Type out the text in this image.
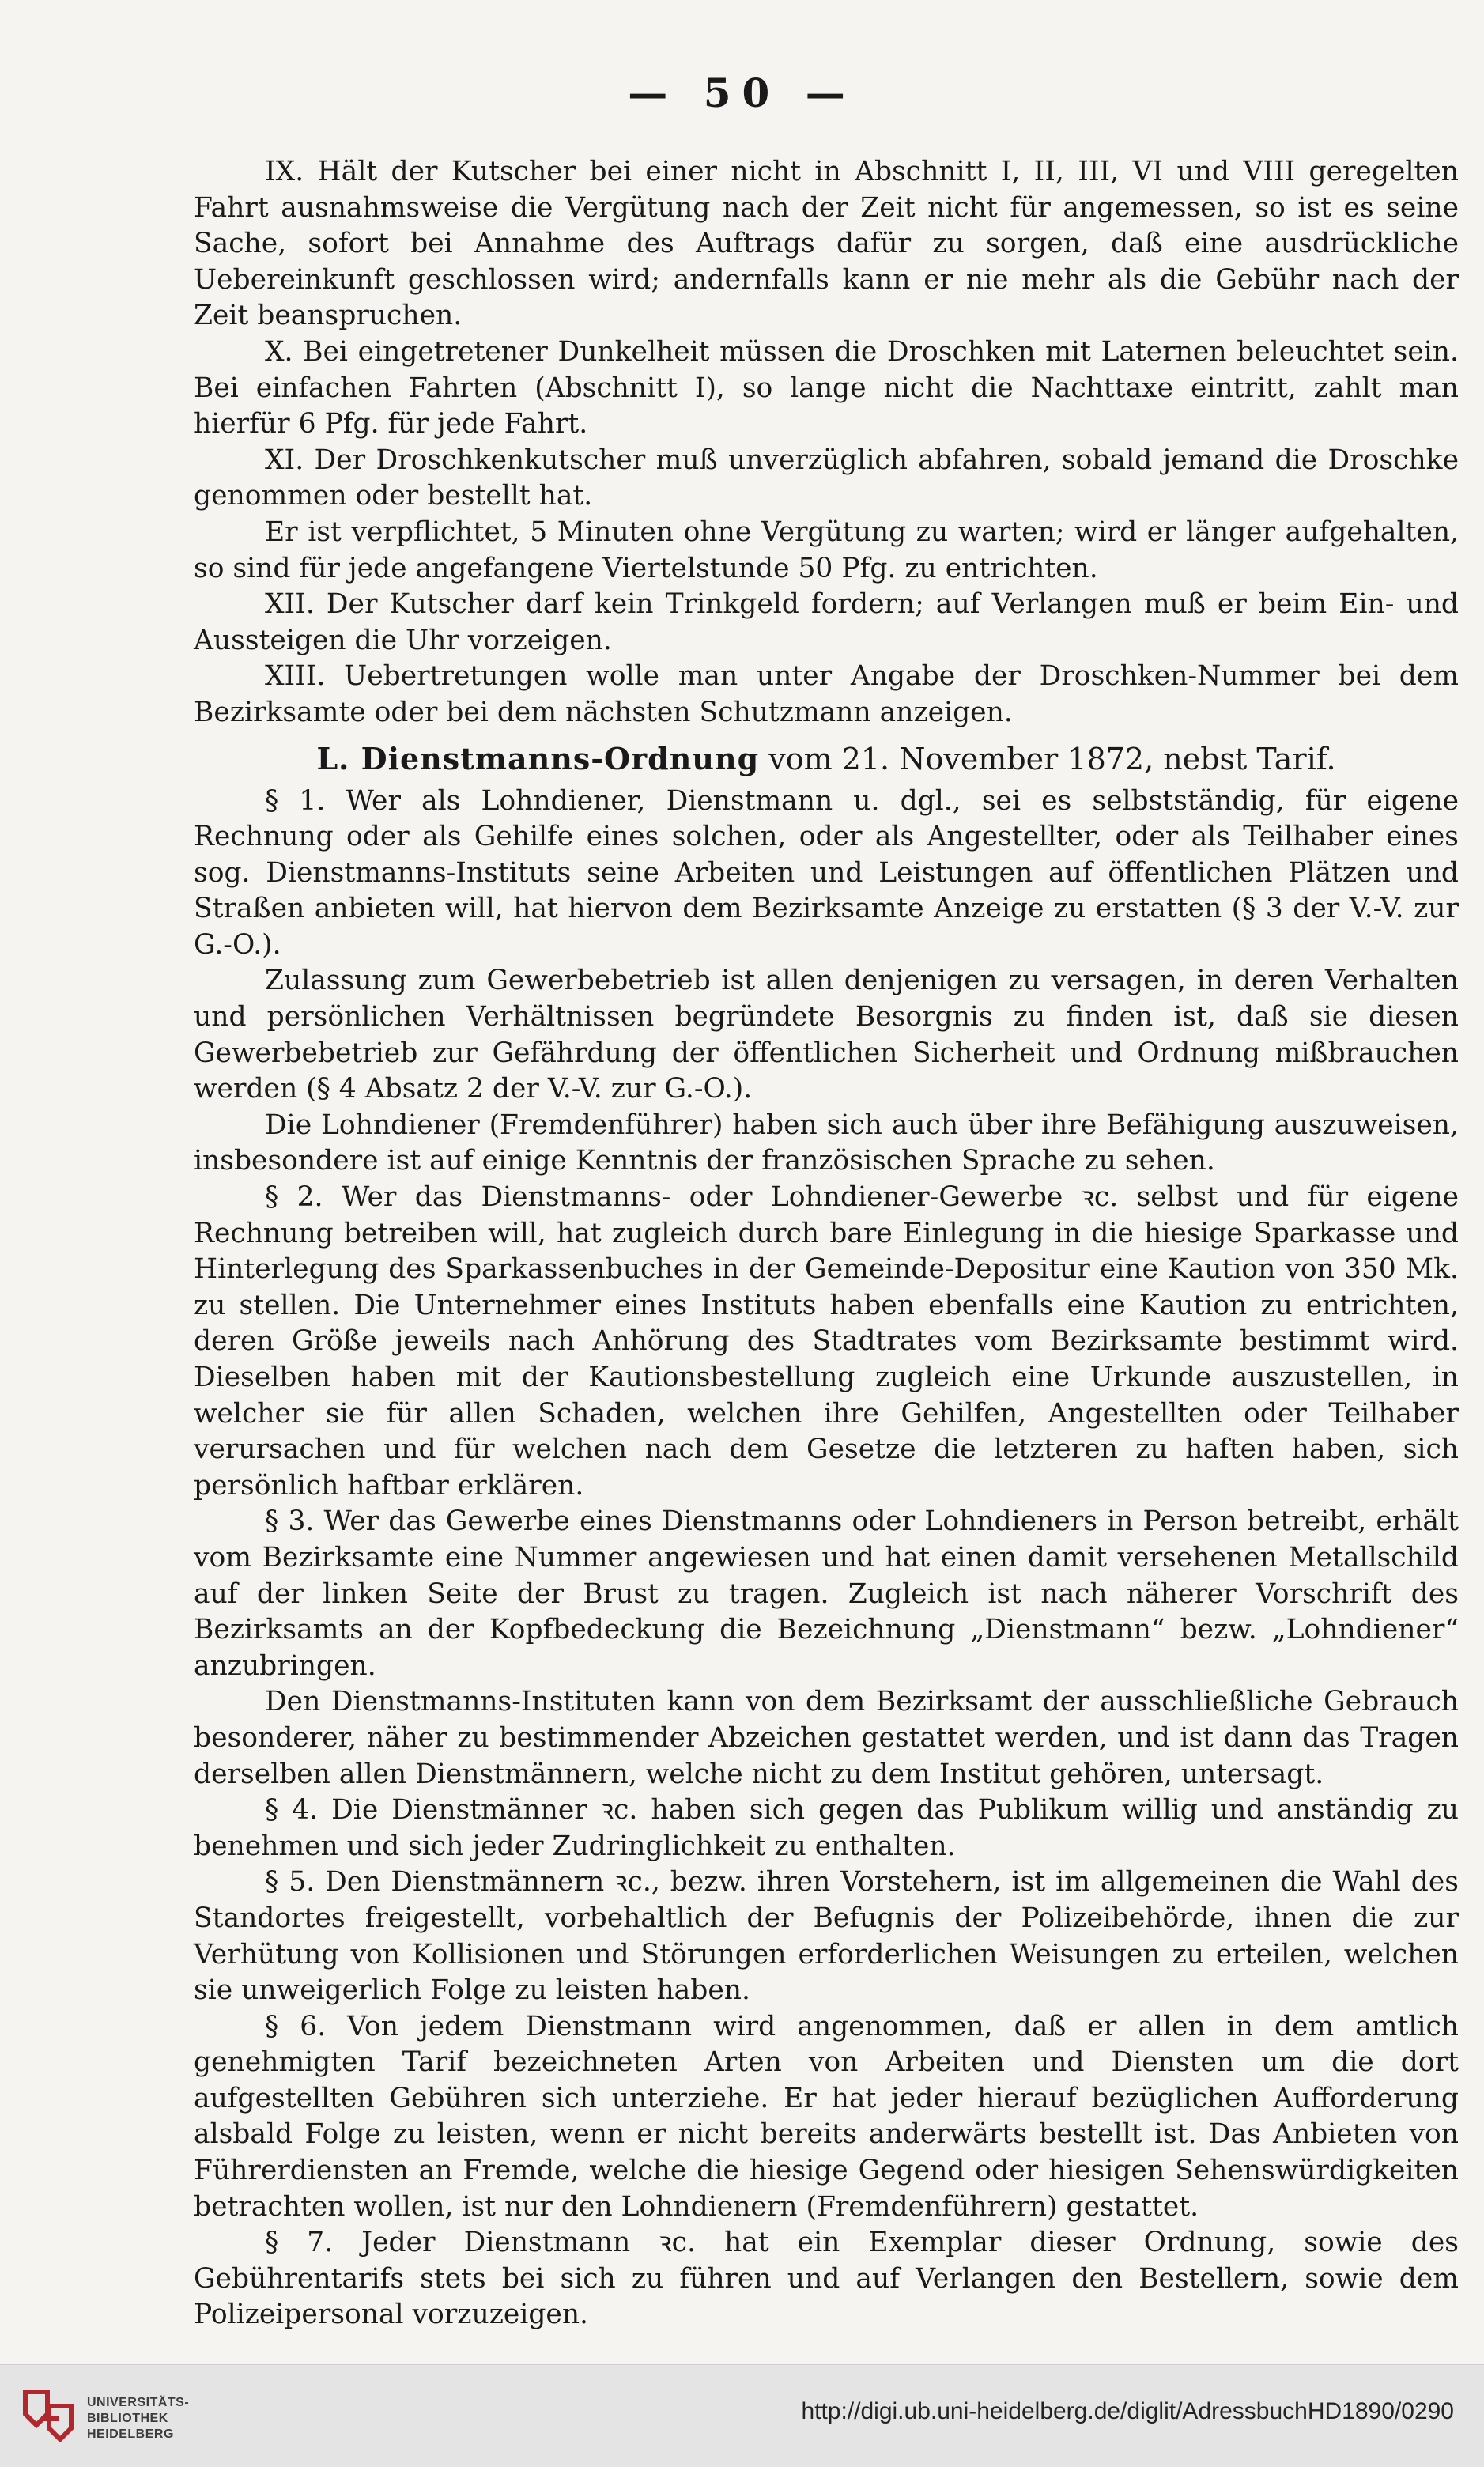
— 50 —

IX. Hält der Kutscher bei einer nicht in Abschnitt I, II, III, VI und VIII geregelten Fahrt ausnahmsweise die Vergütung nach der Zeit nicht für angemessen, so ist es seine Sache, sofort bei Annahme des Auftrags dafür zu sorgen, daß eine ausdrückliche Uebereinkunft geschlossen wird; andernfalls kann er nie mehr als die Gebühr nach der Zeit beanspruchen.

X. Bei eingetretener Dunkelheit müssen die Droschken mit Laternen beleuchtet sein. Bei einfachen Fahrten (Abschnitt I), so lange nicht die Nachttaxe eintritt, zahlt man hierfür 6 Pfg. für jede Fahrt.

XI. Der Droschkenkutscher muß unverzüglich abfahren, sobald jemand die Droschke genommen oder bestellt hat.

Er ist verpflichtet, 5 Minuten ohne Vergütung zu warten; wird er länger aufgehalten, so sind für jede angefangene Viertelstunde 50 Pfg. zu entrichten.

XII. Der Kutscher darf kein Trinkgeld fordern; auf Verlangen muß er beim Ein- und Aussteigen die Uhr vorzeigen.

XIII. Uebertretungen wolle man unter Angabe der Droschken-Nummer bei dem Bezirksamte oder bei dem nächsten Schutzmann anzeigen.

L. Dienstmanns-Ordnung vom 21. November 1872, nebst Tarif.

§ 1. Wer als Lohndiener, Dienstmann u. dgl., sei es selbstständig, für eigene Rechnung oder als Gehilfe eines solchen, oder als Angestellter, oder als Teilhaber eines sog. Dienstmanns-Instituts seine Arbeiten und Leistungen auf öffentlichen Plätzen und Straßen anbieten will, hat hiervon dem Bezirksamte Anzeige zu erstatten (§ 3 der V.-V. zur G.-O.).

Zulassung zum Gewerbebetrieb ist allen denjenigen zu versagen, in deren Verhalten und persönlichen Verhältnissen begründete Besorgnis zu finden ist, daß sie diesen Gewerbebetrieb zur Gefährdung der öffentlichen Sicherheit und Ordnung mißbrauchen werden (§ 4 Absatz 2 der V.-V. zur G.-O.).

Die Lohndiener (Fremdenführer) haben sich auch über ihre Befähigung auszuweisen, insbesondere ist auf einige Kenntnis der französischen Sprache zu sehen.

§ 2. Wer das Dienstmanns- oder Lohndiener-Gewerbe ꝛc. selbst und für eigene Rechnung betreiben will, hat zugleich durch bare Einlegung in die hiesige Sparkasse und Hinterlegung des Sparkassenbuches in der Gemeinde-Depositur eine Kaution von 350 Mk. zu stellen. Die Unternehmer eines Instituts haben ebenfalls eine Kaution zu entrichten, deren Größe jeweils nach Anhörung des Stadtrates vom Bezirksamte bestimmt wird. Dieselben haben mit der Kautionsbestellung zugleich eine Urkunde auszustellen, in welcher sie für allen Schaden, welchen ihre Gehilfen, Angestellten oder Teilhaber verursachen und für welchen nach dem Gesetze die letzteren zu haften haben, sich persönlich haftbar erklären.

§ 3. Wer das Gewerbe eines Dienstmanns oder Lohndieners in Person betreibt, erhält vom Bezirksamte eine Nummer angewiesen und hat einen damit versehenen Metallschild auf der linken Seite der Brust zu tragen. Zugleich ist nach näherer Vorschrift des Bezirksamts an der Kopfbedeckung die Bezeichnung „Dienstmann“ bezw. „Lohndiener“ anzubringen.

Den Dienstmanns-Instituten kann von dem Bezirksamt der ausschließliche Gebrauch besonderer, näher zu bestimmender Abzeichen gestattet werden, und ist dann das Tragen derselben allen Dienstmännern, welche nicht zu dem Institut gehören, untersagt.

§ 4. Die Dienstmänner ꝛc. haben sich gegen das Publikum willig und anständig zu benehmen und sich jeder Zudringlichkeit zu enthalten.

§ 5. Den Dienstmännern ꝛc., bezw. ihren Vorstehern, ist im allgemeinen die Wahl des Standortes freigestellt, vorbehaltlich der Befugnis der Polizeibehörde, ihnen die zur Verhütung von Kollisionen und Störungen erforderlichen Weisungen zu erteilen, welchen sie unweigerlich Folge zu leisten haben.

§ 6. Von jedem Dienstmann wird angenommen, daß er allen in dem amtlich genehmigten Tarif bezeichneten Arten von Arbeiten und Diensten um die dort aufgestellten Gebühren sich unterziehe. Er hat jeder hierauf bezüglichen Aufforderung alsbald Folge zu leisten, wenn er nicht bereits anderwärts bestellt ist. Das Anbieten von Führerdiensten an Fremde, welche die hiesige Gegend oder hiesigen Sehenswürdigkeiten betrachten wollen, ist nur den Lohndienern (Fremdenführern) gestattet.

§ 7. Jeder Dienstmann ꝛc. hat ein Exemplar dieser Ordnung, sowie des Gebührentarifs stets bei sich zu führen und auf Verlangen den Bestellern, sowie dem Polizeipersonal vorzuzeigen.

UNIVERSITÄTS-
BIBLIOTHEK
HEIDELBERG
http://digi.ub.uni-heidelberg.de/diglit/AdressbuchHD1890/0290
